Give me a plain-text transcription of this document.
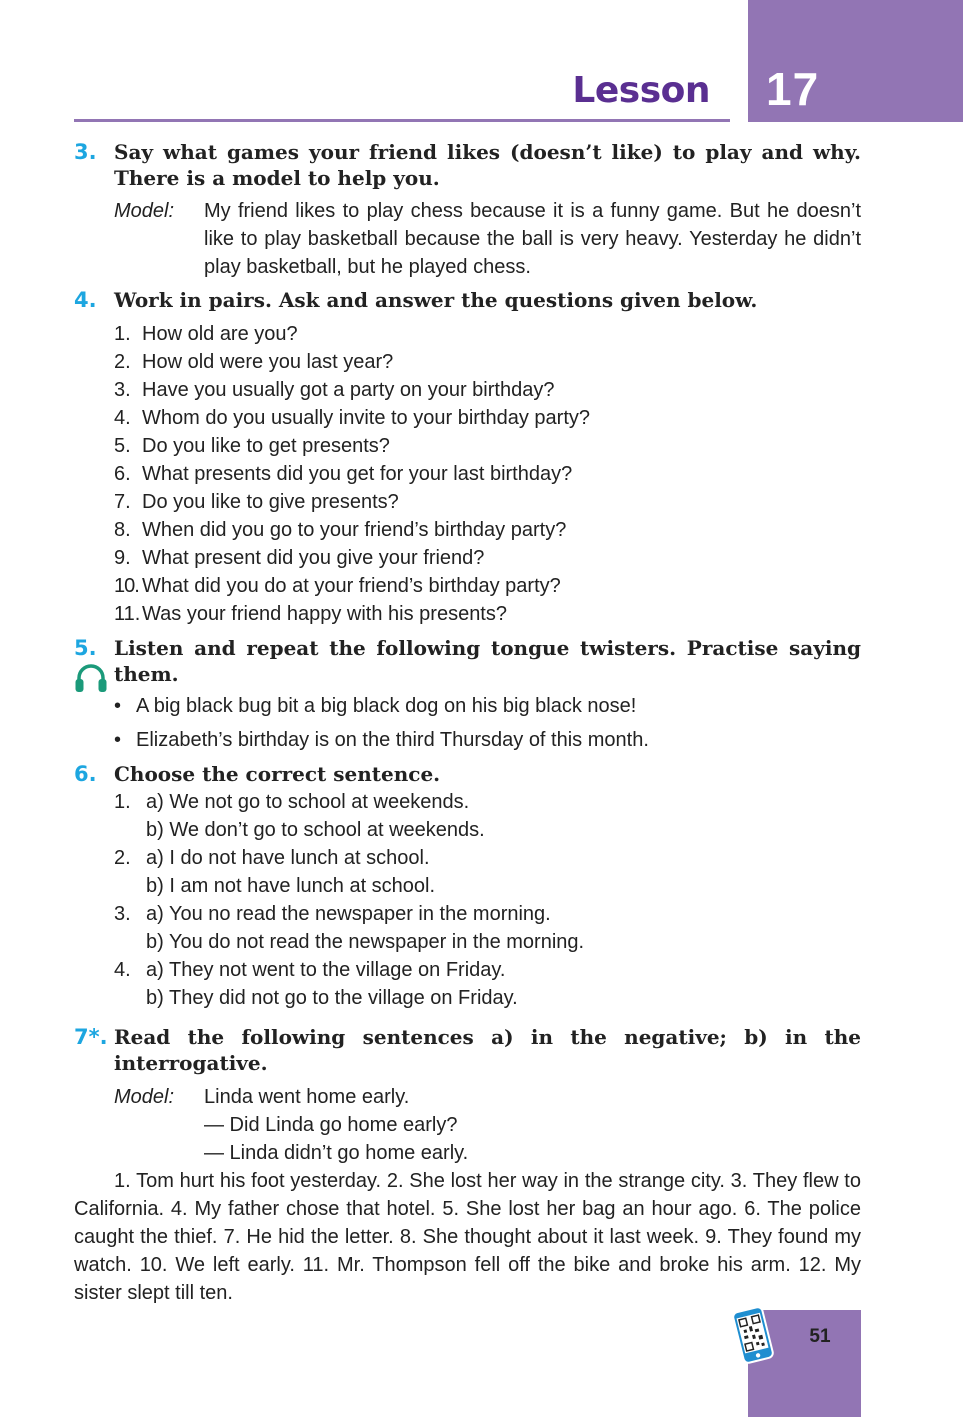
17
Lesson
3. Say what games your friend likes (doesn’t like) to play and why. There is a model to help you.

Model: My friend likes to play chess because it is a funny game. But he doesn’t like to play basketball because the ball is very heavy. Yesterday he didn’t play basketball, but he played chess.

4. Work in pairs. Ask and answer the questions given below.

1. How old are you?
2. How old were you last year?
3. Have you usually got a party on your birthday?
4. Whom do you usually invite to your birthday party?
5. Do you like to get presents?
6. What presents did you get for your last birthday?
7. Do you like to give presents?
8. When did you go to your friend’s birthday party?
9. What present did you give your friend?
10. What did you do at your friend’s birthday party?
11.Was your friend happy with his presents?
5. Listen and repeat the following tongue twisters. Practise saying them.

• A big black bug bit a big black dog on his big black nose!
• Elizabeth’s birthday is on the third Thursday of this month.
6. Choose the correct sentence.

1. a) We not go to school at weekends.
b) We don’t go to school at weekends.
2. a) I do not have lunch at school.
b) I am not have lunch at school.
3. a) You no read the newspaper in the morning.
b) You do not read the newspaper in the morning.
4. a) They not went to the village on Friday.
b) They did not go to the village on Friday.
7*. Read the following sentences a) in the negative; b) in the interrogative.

Model: Linda went home early.
— Did Linda go home early?
— Linda didn’t go home early.

1. Tom hurt his foot yesterday. 2. She lost her way in the strange city. 3. They flew to California. 4. My father chose that hotel. 5. She lost her bag an hour ago. 6. The police caught the thief. 7. He hid the letter. 8. She thought about it last week. 9. They found my watch. 10. We left early. 11. Mr. Thompson fell off the bike and broke his arm. 12. My sister slept till ten.

51
